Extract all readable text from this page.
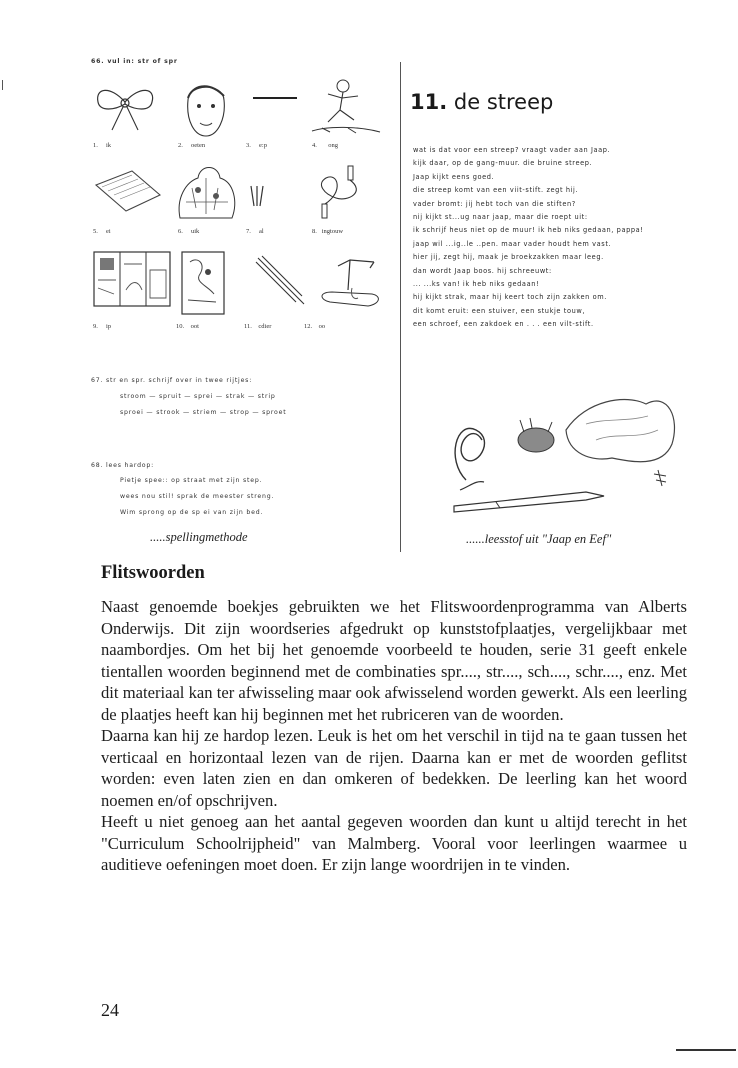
66. vul in: str of spr
1. ik	2. oeten	3. e:p	4. ong
5. ei	6. uik	7. al	8. ingtouw
9. ip	10. oot	11. cdier	12. oo
67. str en spr. schrijf over in twee rijtjes:
stroom — spruit — sprei — strak — strip
sproei — strook — striem — strop — sproet
68. lees hardop:
Pietje spee:: op straat met zijn step.
wees nou stil! sprak de meester streng.
Wim sprong op de sp ei van zijn bed.
.....spellingmethode
11. de streep
wat is dat voor een streep? vraagt vader aan Jaap.
kijk daar, op de gang-muur. die bruine streep.
Jaap kijkt eens goed.
die streep komt van een viit-stift. zegt hij.
vader bromt: jij hebt toch van die stiften?
nij kijkt st...ug naar jaap, maar die roept uit:
ik schrijf heus niet op de muur! ik heb niks gedaan, pappa!
jaap wil ...ig..le ..pen. maar vader houdt hem vast.
hier jij, zegt hij, maak je broekzakken maar leeg.
dan wordt Jaap boos. hij schreeuwt:
... ...ks van! ik heb niks gedaan!
hij kijkt strak, maar hij keert toch zijn zakken om.
dit komt eruit: een stuiver, een stukje touw,
een schroef, een zakdoek en . . . een vilt-stift.
......leesstof uit "Jaap en Eef"
Flitswoorden

Naast genoemde boekjes gebruikten we het Flitswoordenprogramma van Alberts Onderwijs. Dit zijn woordseries afgedrukt op kunststofplaatjes, vergelijkbaar met naambordjes. Om het bij het genoemde voorbeeld te houden, serie 31 geeft enkele tientallen woorden beginnend met de combinaties spr...., str...., sch...., schr...., enz. Met dit materiaal kan ter afwisseling maar ook afwisselend worden gewerkt. Als een leerling de plaatjes heeft kan hij beginnen met het rubriceren van de woorden.

Daarna kan hij ze hardop lezen. Leuk is het om het verschil in tijd na te gaan tussen het verticaal en horizontaal lezen van de rijen. Daarna kan er met de woorden geflitst worden: even laten zien en dan omkeren of bedekken. De leerling kan het woord noemen en/of opschrijven.

Heeft u niet genoeg aan het aantal gegeven woorden dan kunt u altijd terecht in het "Curriculum Schoolrijpheid" van Malmberg. Vooral voor leerlingen waarmee u auditieve oefeningen moet doen. Er zijn lange woordrijen in te vinden.

24
